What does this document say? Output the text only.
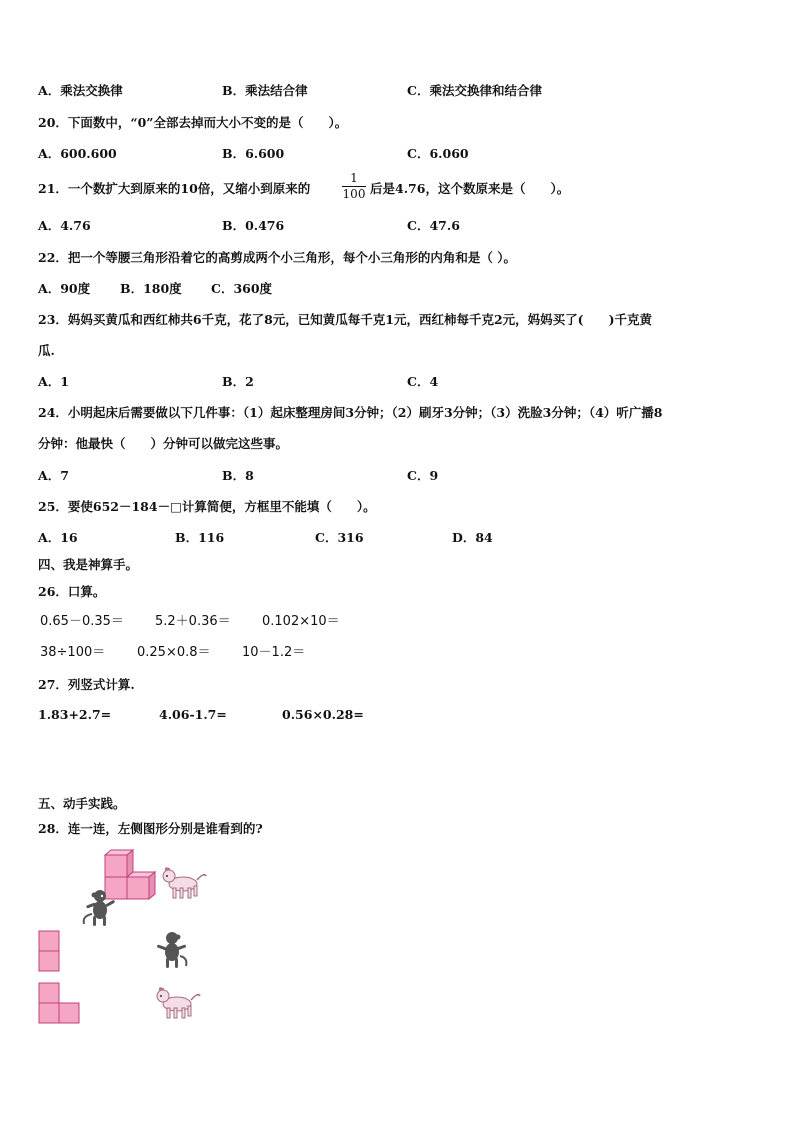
A．乘法交换律	B．乘法结合律	C．乘法交换律和结合律
20．下面数中，“0”全部去掉而大小不变的是（　　）。
A．600.600	B．6.600	C．6.060
21．一个数扩大到原来的10倍，又缩小到原来的
1
100 后是4.76，这个数原来是（　　）。
A．4.76	B．0.476	C．47.6
22．把一个等腰三角形沿着它的高剪成两个小三角形，每个小三角形的内角和是（ ）。
A．90度 B．180度 C．360度
23．妈妈买黄瓜和西红柿共6千克，花了8元，已知黄瓜每千克1元，西红柿每千克2元，妈妈买了(　　)千克黄
瓜.
A．1	B．2	C．4
24．小明起床后需要做以下几件事：（1）起床整理房间3分钟；（2）刷牙3分钟；（3）洗脸3分钟；（4）听广播8
分钟：他最快（　　）分钟可以做完这些事。
A．7	B．8	C．9
25．要使652－184－□计算简便，方框里不能填（　　）。
A．16	B．116	C．316	D．84
四、我是神算手。
26．口算。
0.65－0.35＝ 5.2＋0.36＝ 0.102×10＝
38÷100＝ 0.25×0.8＝ 10－1.2＝
27．列竖式计算.
1.83+2.7=	4.06-1.7=	0.56×0.28=
五、动手实践。
28．连一连，左侧图形分别是谁看到的?
